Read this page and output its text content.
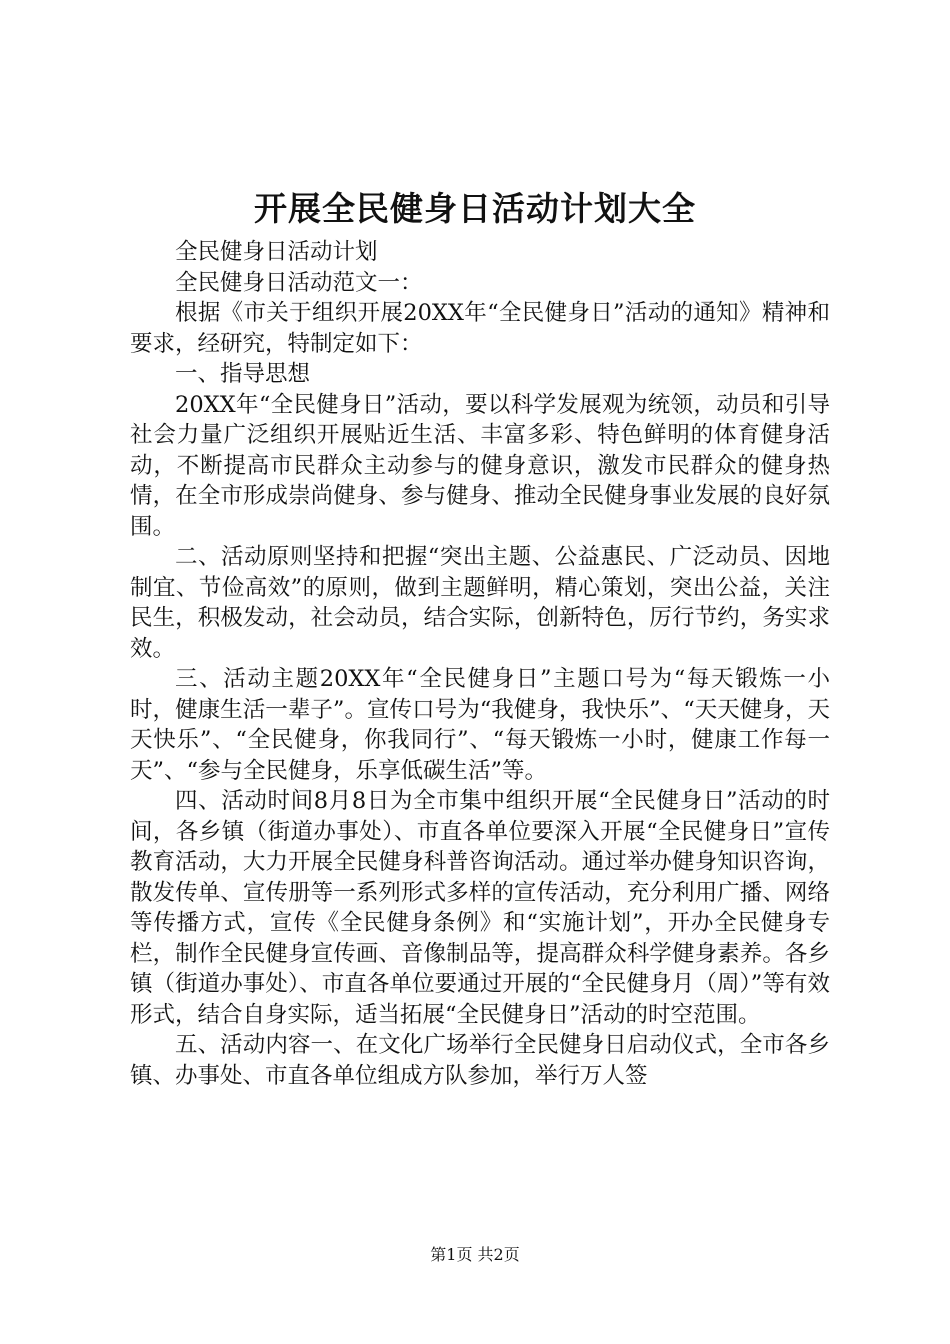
开展全民健身日活动计划大全

全民健身日活动计划

全民健身日活动范文一：

根据《市关于组织开展20XX年“全民健身日”活动的通知》精神和要求，经研究，特制定如下：

一、指导思想

20XX年“全民健身日”活动，要以科学发展观为统领，动员和引导社会力量广泛组织开展贴近生活、丰富多彩、特色鲜明的体育健身活动，不断提高市民群众主动参与的健身意识，激发市民群众的健身热情，在全市形成崇尚健身、参与健身、推动全民健身事业发展的良好氛围。

二、活动原则坚持和把握“突出主题、公益惠民、广泛动员、因地制宜、节俭高效”的原则，做到主题鲜明，精心策划，突出公益，关注民生，积极发动，社会动员，结合实际，创新特色，厉行节约，务实求效。

三、活动主题20XX年“全民健身日”主题口号为“每天锻炼一小时，健康生活一辈子”。宣传口号为“我健身，我快乐”、“天天健身，天天快乐”、“全民健身，你我同行”、“每天锻炼一小时，健康工作每一天”、“参与全民健身，乐享低碳生活”等。

四、活动时间8月8日为全市集中组织开展“全民健身日”活动的时间，各乡镇（街道办事处）、市直各单位要深入开展“全民健身日”宣传教育活动，大力开展全民健身科普咨询活动。通过举办健身知识咨询，散发传单、宣传册等一系列形式多样的宣传活动，充分利用广播、网络等传播方式，宣传《全民健身条例》和“实施计划”，开办全民健身专栏，制作全民健身宣传画、音像制品等，提高群众科学健身素养。各乡镇（街道办事处）、市直各单位要通过开展的“全民健身月（周）”等有效形式，结合自身实际，适当拓展“全民健身日”活动的时空范围。

五、活动内容一、在文化广场举行全民健身日启动仪式，全市各乡镇、办事处、市直各单位组成方队参加，举行万人签

第1页 共2页
